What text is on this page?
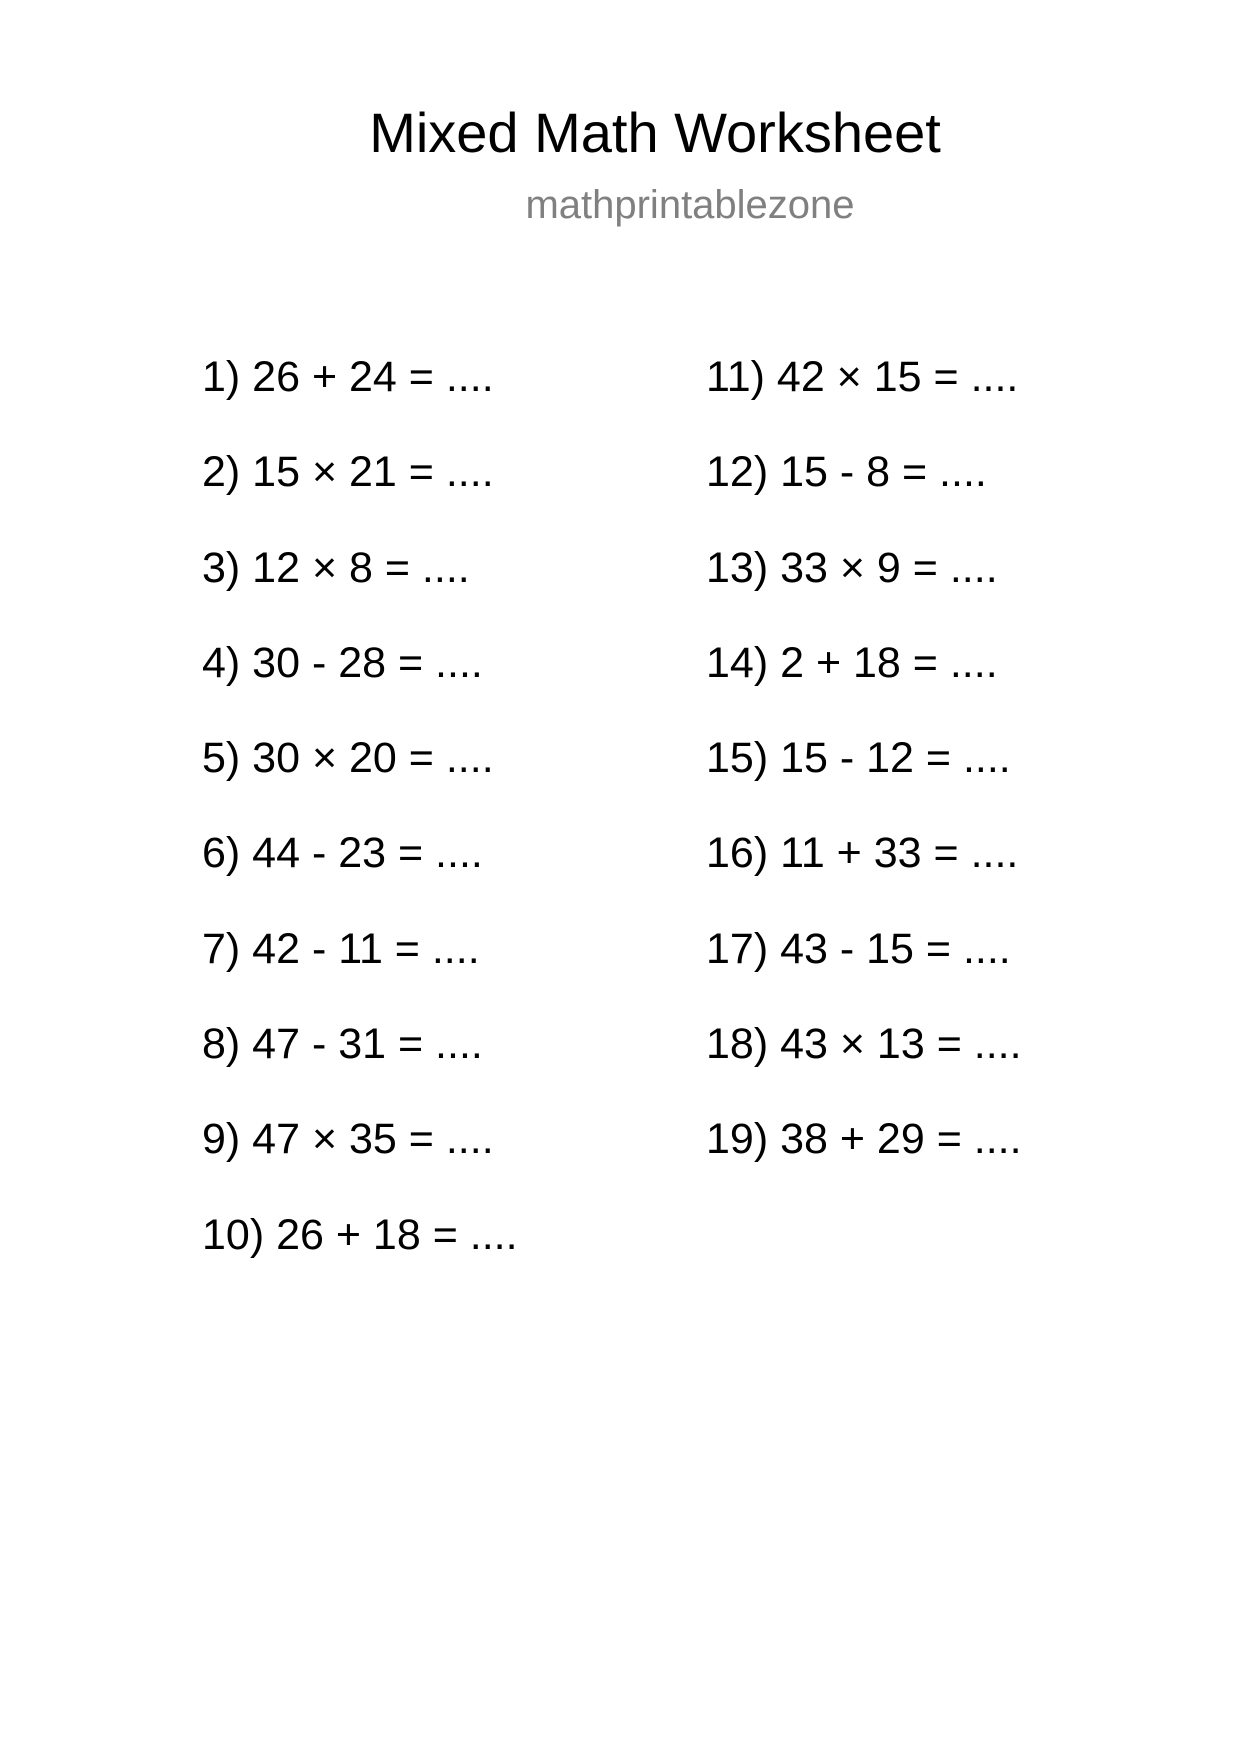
Mixed Math Worksheet
mathprintablezone
1) 26 + 24 = ....
2) 15 × 21 = ....
3) 12 × 8 = ....
4) 30 - 28 = ....
5) 30 × 20 = ....
6) 44 - 23 = ....
7) 42 - 11 = ....
8) 47 - 31 = ....
9) 47 × 35 = ....
10) 26 + 18 = ....
11) 42 × 15 = ....
12) 15 - 8 = ....
13) 33 × 9 = ....
14) 2 + 18 = ....
15) 15 - 12 = ....
16) 11 + 33 = ....
17) 43 - 15 = ....
18) 43 × 13 = ....
19) 38 + 29 = ....
